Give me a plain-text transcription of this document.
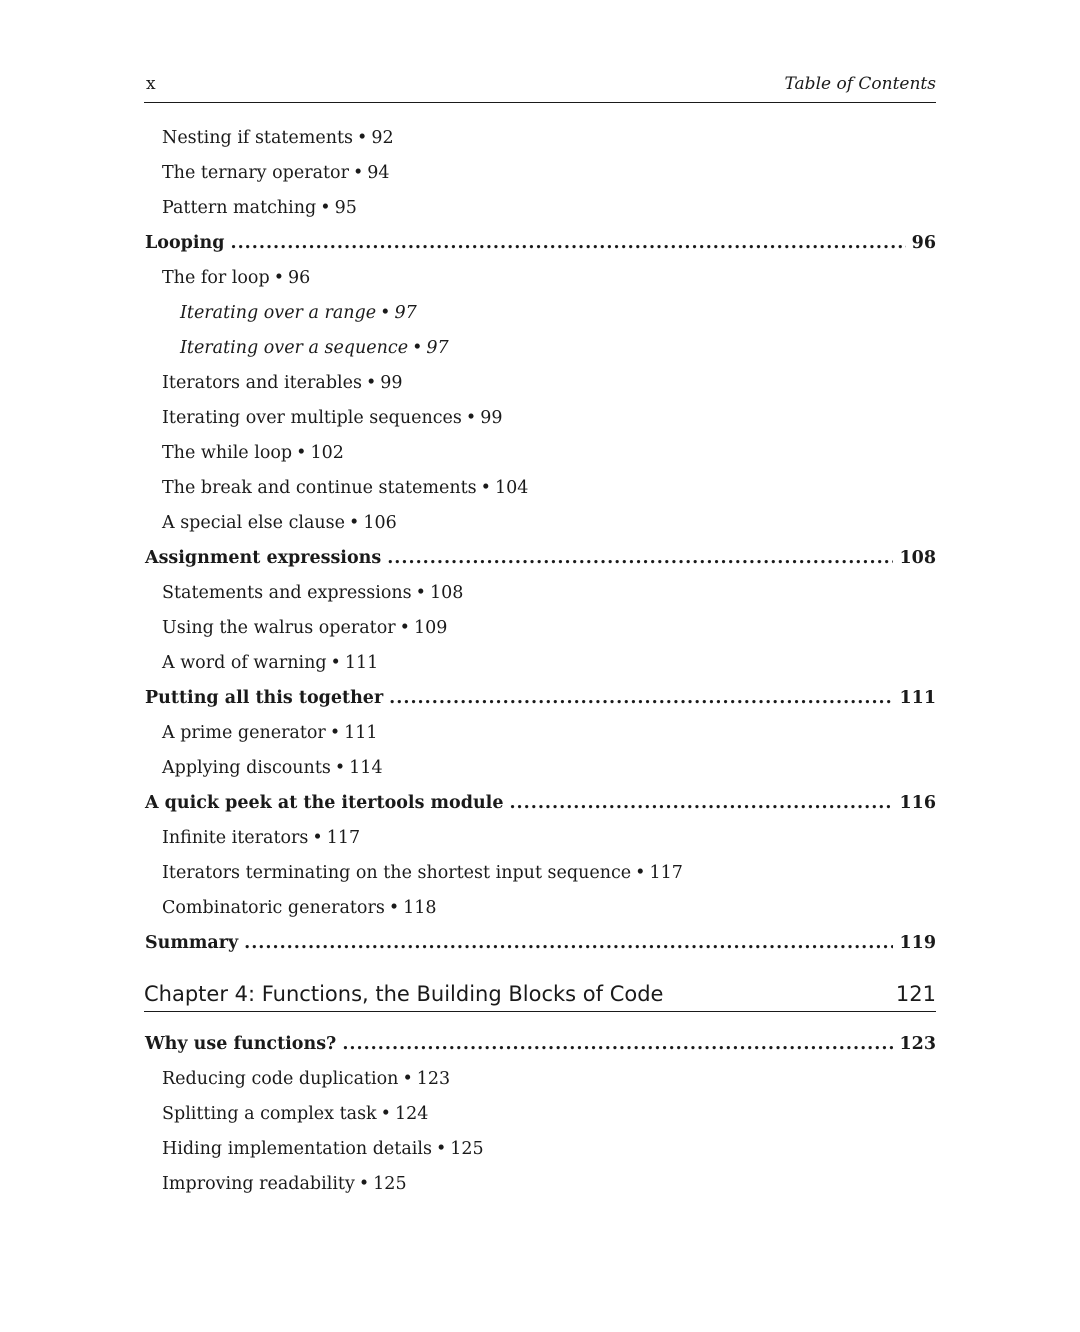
x	Table of Contents
Nesting if statements • 92
The ternary operator • 94
Pattern matching • 95
Looping .....	96
The for loop • 96
Iterating over a range • 97
Iterating over a sequence • 97
Iterators and iterables • 99
Iterating over multiple sequences • 99
The while loop • 102
The break and continue statements • 104
A special else clause • 106
Assignment expressions .....	108
Statements and expressions • 108
Using the walrus operator • 109
A word of warning • 111
Putting all this together .....	111
A prime generator • 111
Applying discounts • 114
A quick peek at the itertools module .....	116
Infinite iterators • 117
Iterators terminating on the shortest input sequence • 117
Combinatoric generators • 118
Summary .....	119
Chapter 4: Functions, the Building Blocks of Code	121
Why use functions? .....	123
Reducing code duplication • 123
Splitting a complex task • 124
Hiding implementation details • 125
Improving readability • 125
